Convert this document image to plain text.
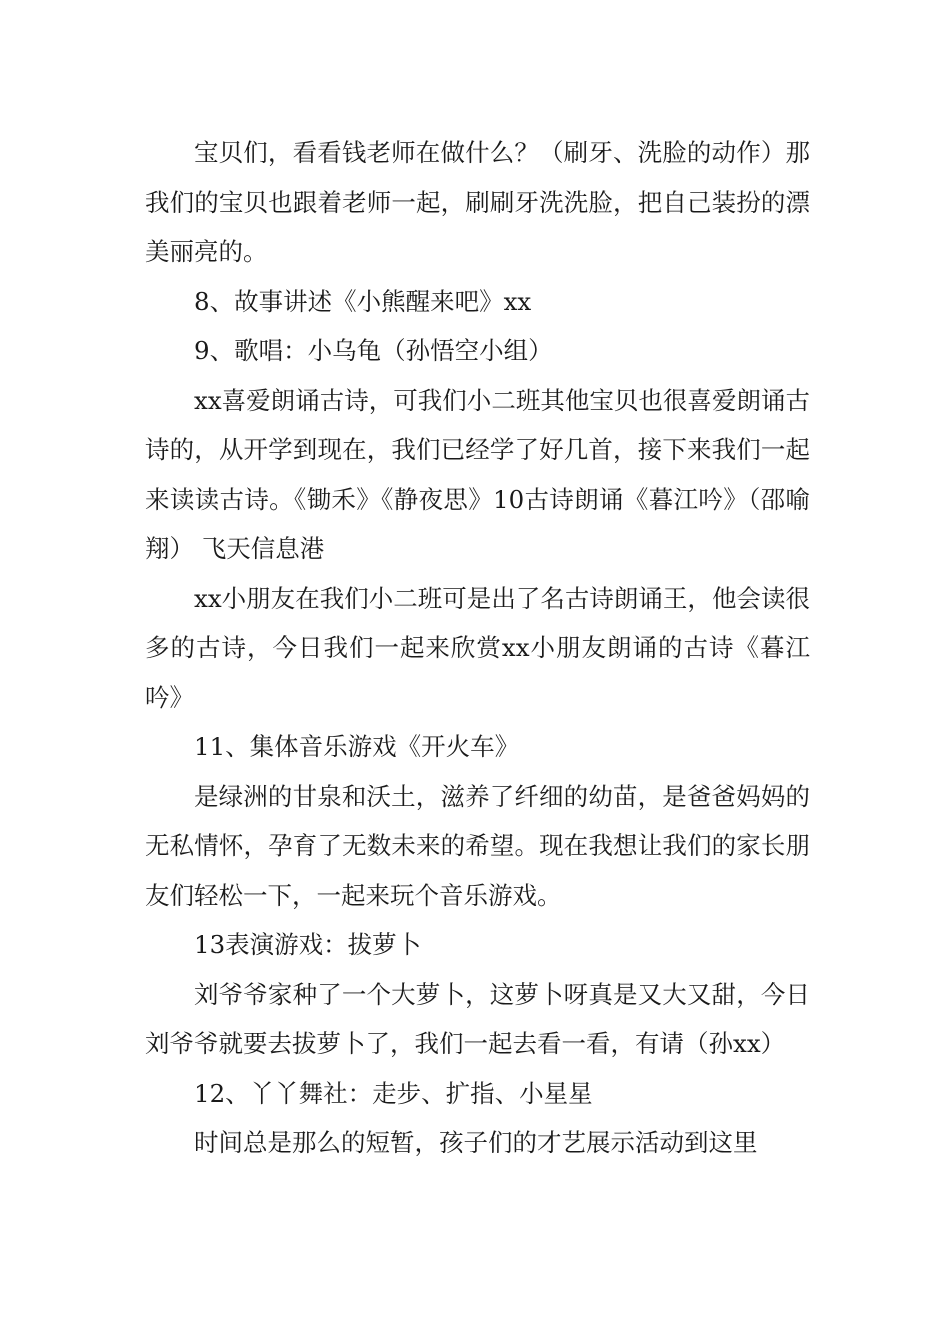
宝贝们，看看钱老师在做什么？（刷牙、洗脸的动作）那我们的宝贝也跟着老师一起，刷刷牙洗洗脸，把自己装扮的漂美丽亮的。

8、故事讲述《小熊醒来吧》xx

9、歌唱：小乌龟（孙悟空小组）

xx喜爱朗诵古诗，可我们小二班其他宝贝也很喜爱朗诵古诗的，从开学到现在，我们已经学了好几首，接下来我们一起来读读古诗。《锄禾》《静夜思》10古诗朗诵《暮江吟》（邵喻翔） 飞天信息港

xx小朋友在我们小二班可是出了名古诗朗诵王，他会读很多的古诗，今日我们一起来欣赏xx小朋友朗诵的古诗《暮江吟》

11、集体音乐游戏《开火车》

是绿洲的甘泉和沃土，滋养了纤细的幼苗，是爸爸妈妈的无私情怀，孕育了无数未来的希望。现在我想让我们的家长朋友们轻松一下，一起来玩个音乐游戏。

13表演游戏：拔萝卜

刘爷爷家种了一个大萝卜，这萝卜呀真是又大又甜，今日刘爷爷就要去拔萝卜了，我们一起去看一看，有请（孙xx）

12、丫丫舞社：走步、扩指、小星星

时间总是那么的短暂，孩子们的才艺展示活动到这里
